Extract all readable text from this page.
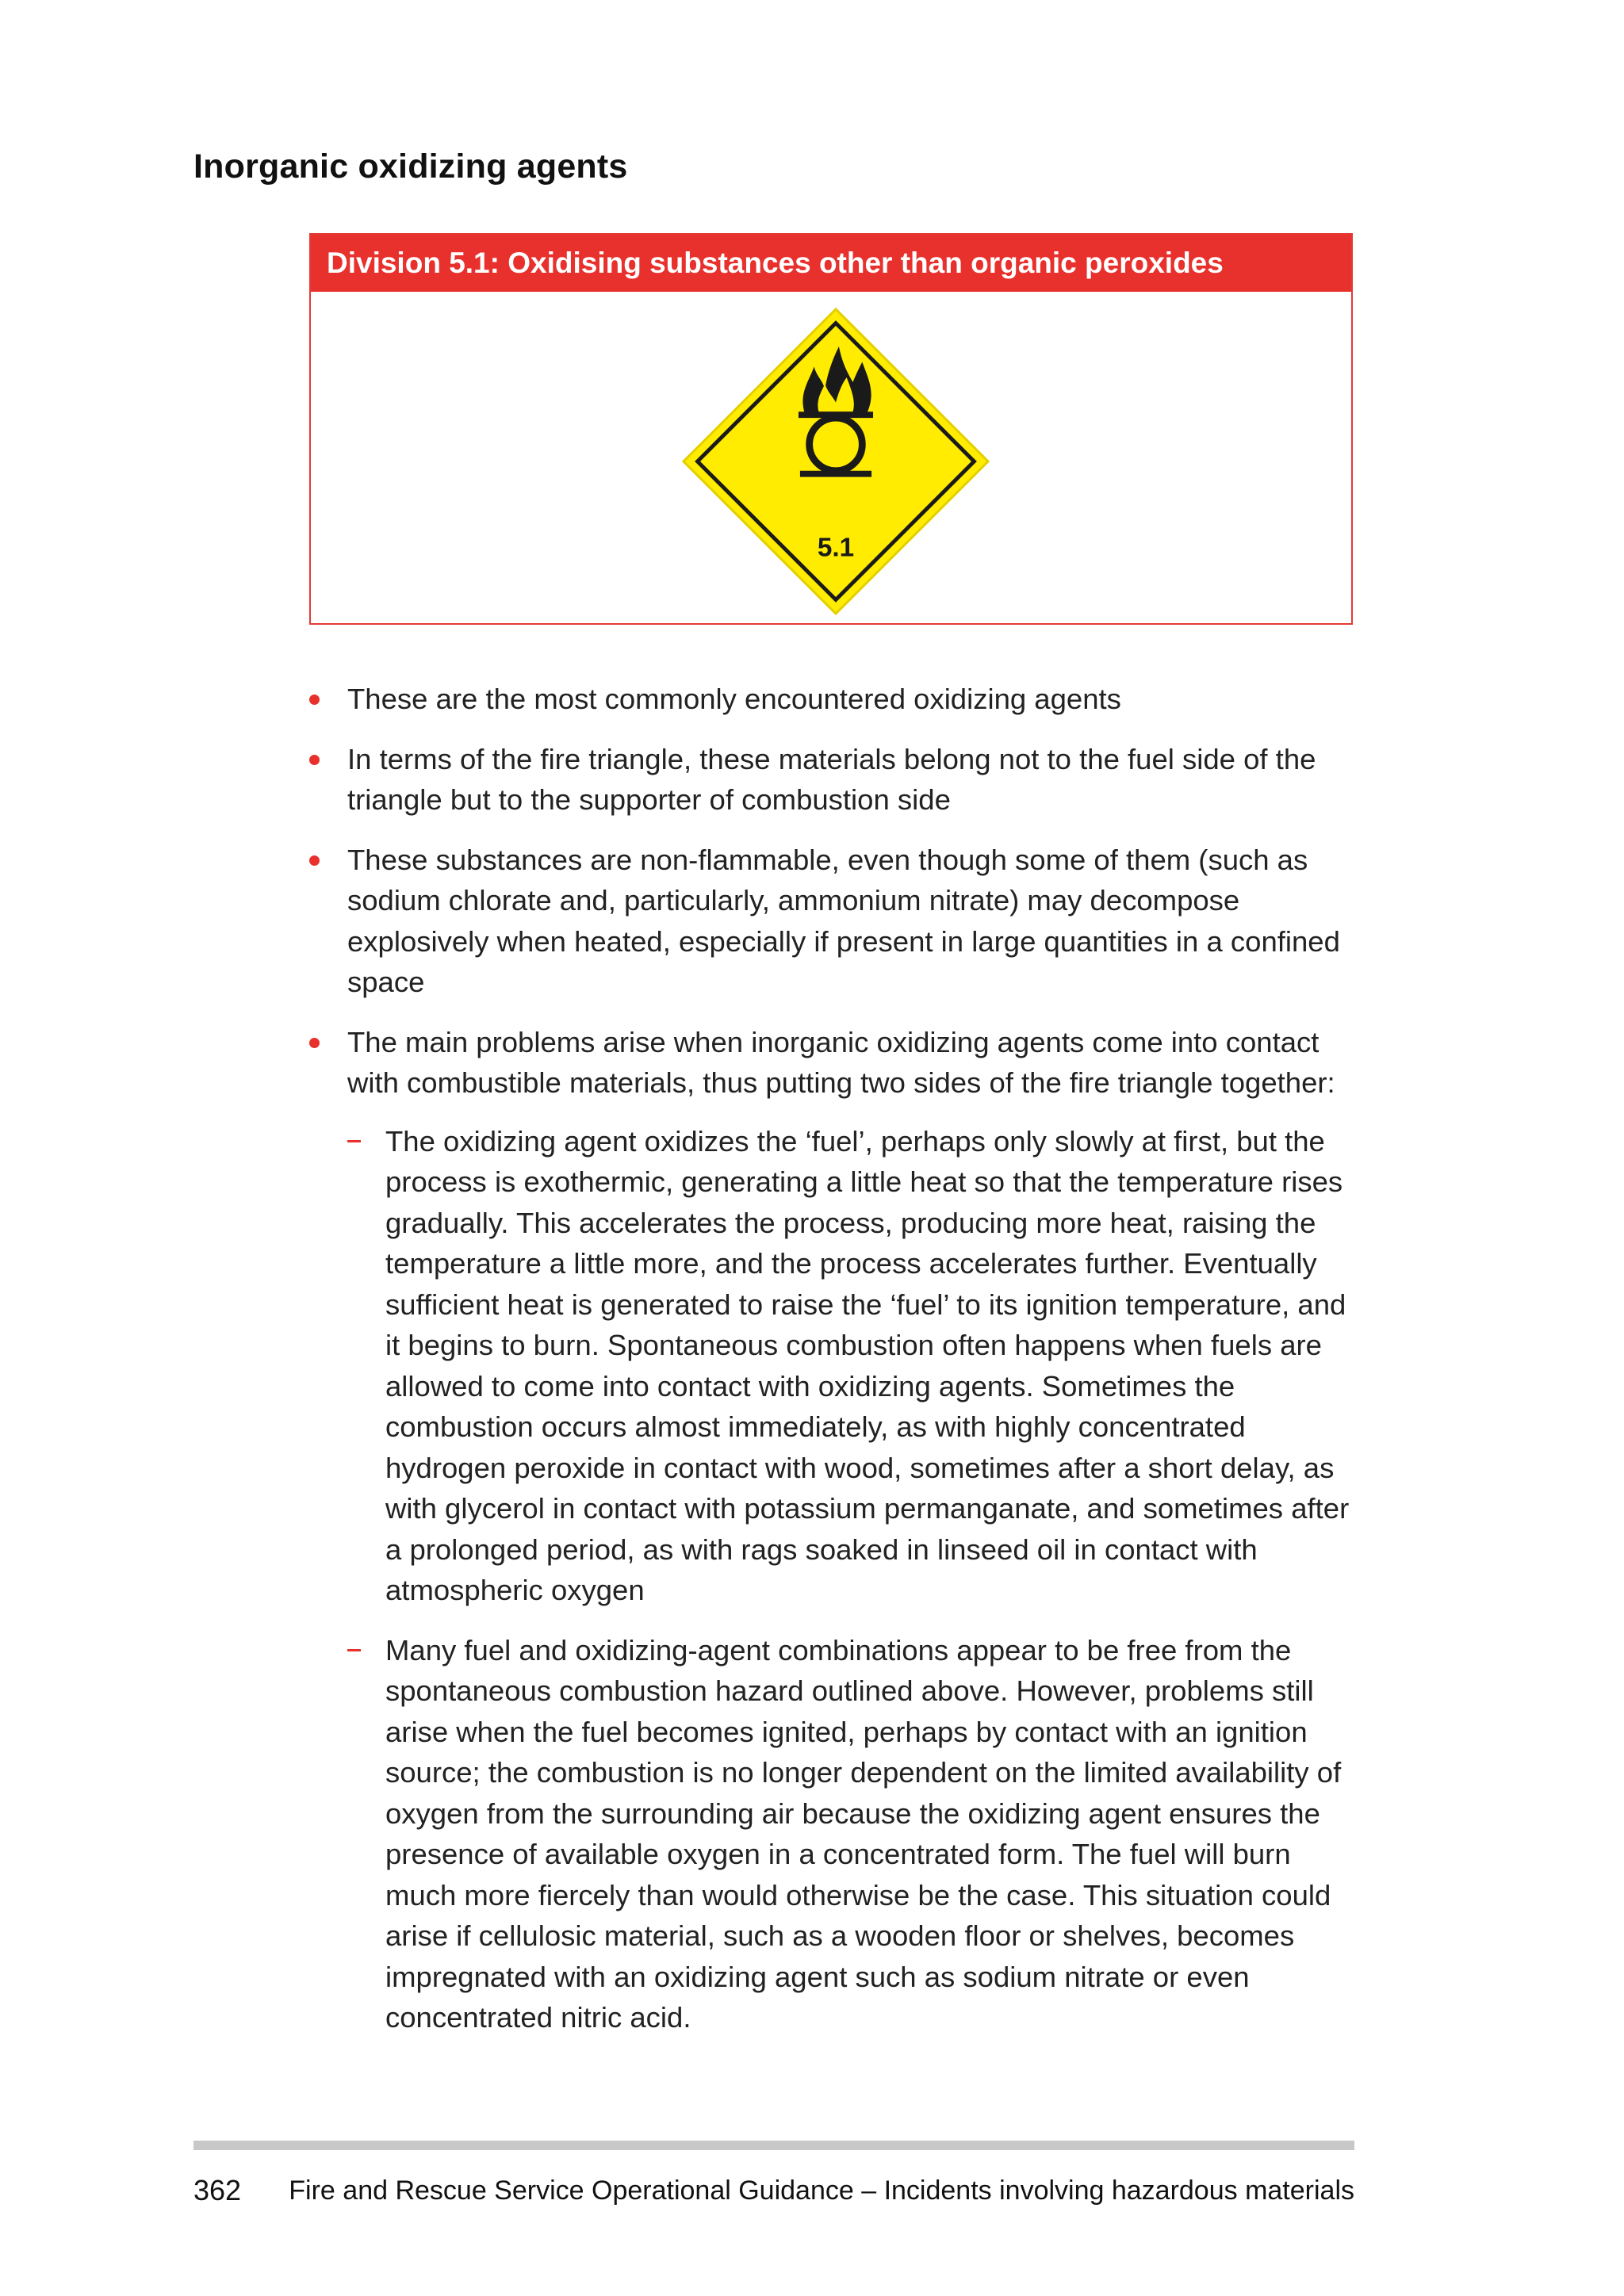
Inorganic oxidizing agents
Division 5.1: Oxidising substances other than organic peroxides
5.1
These are the most commonly encountered oxidizing agents
In terms of the fire triangle, these materials belong not to the fuel side of the triangle but to the supporter of combustion side
These substances are non-flammable, even though some of them (such as sodium chlorate and, particularly, ammonium nitrate) may decompose explosively when heated, especially if present in large quantities in a confined space
The main problems arise when inorganic oxidizing agents come into contact with combustible materials, thus putting two sides of the fire triangle together:
The oxidizing agent oxidizes the ‘fuel’, perhaps only slowly at first, but the process is exothermic, generating a little heat so that the temperature rises gradually. This accelerates the process, producing more heat, raising the temperature a little more, and the process accelerates further. Eventually sufficient heat is generated to raise the ‘fuel’ to its ignition temperature, and it begins to burn. Spontaneous combustion often happens when fuels are allowed to come into contact with oxidizing agents. Sometimes the combustion occurs almost immediately, as with highly concentrated hydrogen peroxide in contact with wood, sometimes after a short delay, as with glycerol in contact with potassium permanganate, and sometimes after a prolonged period, as with rags soaked in linseed oil in contact with atmospheric oxygen
Many fuel and oxidizing-agent combinations appear to be free from the spontaneous combustion hazard outlined above. However, problems still arise when the fuel becomes ignited, perhaps by contact with an ignition source; the combustion is no longer dependent on the limited availability of oxygen from the surrounding air because the oxidizing agent ensures the presence of available oxygen in a concentrated form. The fuel will burn much more fiercely than would otherwise be the case. This situation could arise if cellulosic material, such as a wooden floor or shelves, becomes impregnated with an oxidizing agent such as sodium nitrate or even concentrated nitric acid.
362 Fire and Rescue Service Operational Guidance – Incidents involving hazardous materials
